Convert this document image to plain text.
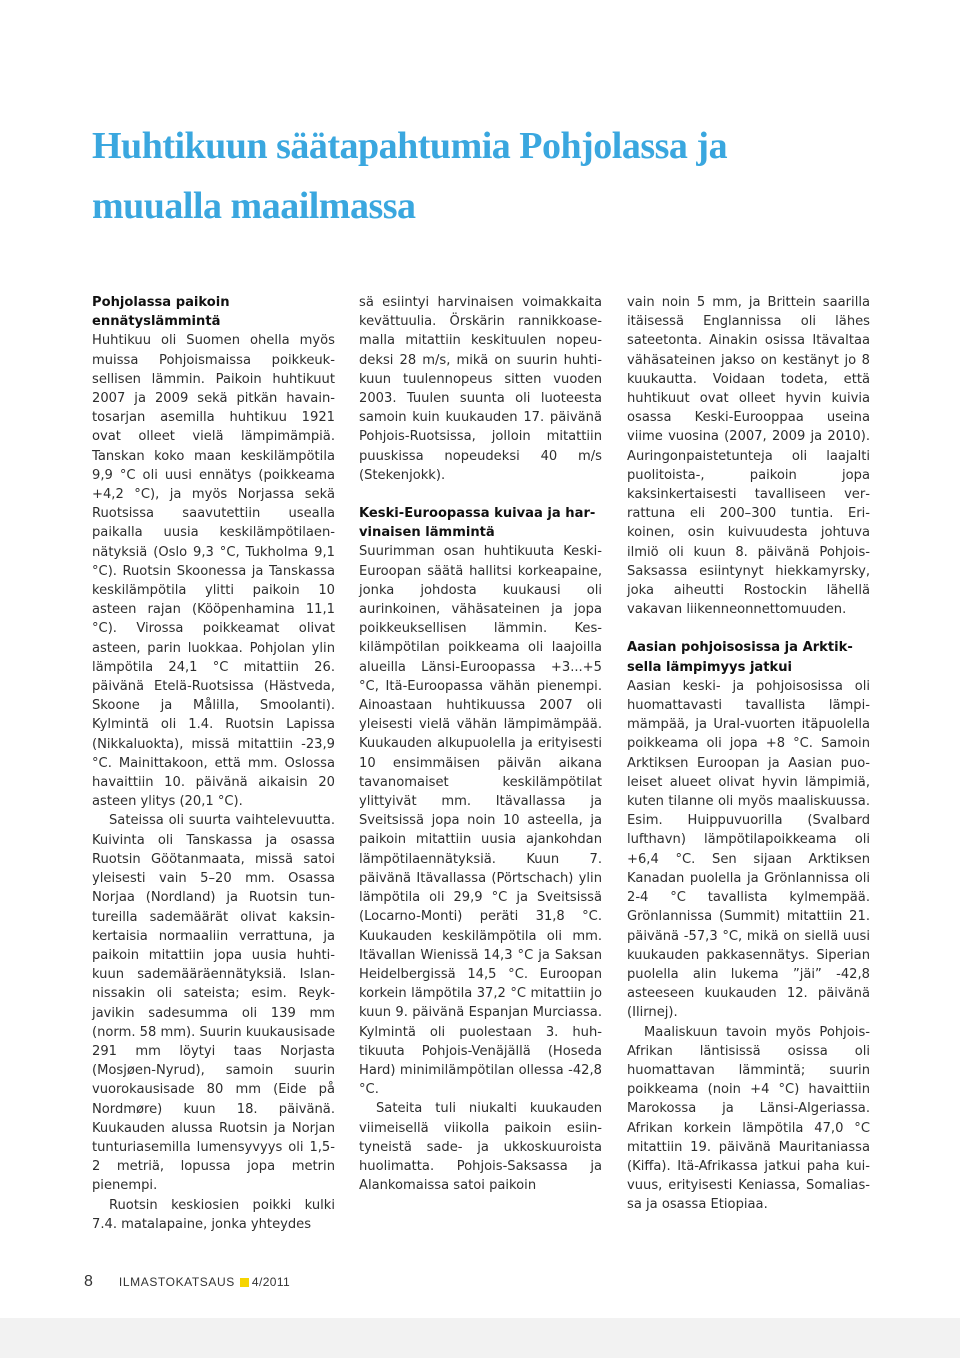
Huhtikuun säätapahtumia Pohjolassa ja muualla maailmassa
Pohjolassa paikoin ennätyslämmintä

Huhtikuu oli Suomen ohella myös muissa Pohjoismaissa poikkeuksellisen lämmin. Paikoin huhtikuut 2007 ja 2009 sekä pitkän havaintosarjan asemilla huhtikuu 1921 ovat olleet vielä lämpimämpiä. Tanskan koko maan keskilämpötila 9,9 °C oli uusi ennätys (poikkeama +4,2 °C), ja myös Norjassa sekä Ruotsissa saavutettiin usealla paikalla uusia keskilämpötilaennätyksiä (Oslo 9,3 °C, Tukholma 9,1 °C). Ruotsin Skoonessa ja Tanskassa keskilämpötila ylitti paikoin 10 asteen rajan (Kööpenhamina 11,1 °C). Virossa poikkeamat olivat asteen, parin luokkaa. Pohjolan ylin lämpötila 24,1 °C mitattiin 26. päivänä Etelä-Ruotsissa (Hästveda, Skoone ja Målilla, Smoolanti). Kylmintä oli 1.4. Ruotsin Lapissa (Nikkaluokta), missä mitattiin -23,9 °C. Mainittakoon, että mm. Oslossa havaittiin 10. päivänä aikaisin 20 asteen ylitys (20,1 °C).

Sateissa oli suurta vaihtelevuutta. Kuivinta oli Tanskassa ja osassa Ruotsin Göötanmaata, missä satoi yleisesti vain 5–20 mm. Osassa Norjaa (Nordland) ja Ruotsin tuntureilla sademäärät olivat kaksinkertaisia normaaliin verrattuna, ja paikoin mitattiin jopa uusia huhtikuun sademääräennätyksiä. Islannissakin oli sateista; esim. Reykjavikin sadesumma oli 139 mm (norm. 58 mm). Suurin kuukausisade 291 mm löytyi taas Norjasta (Mosjøen-Nyrud), samoin suurin vuorokausisade 80 mm (Eide på Nordmøre) kuun 18. päivänä. Kuukauden alussa Ruotsin ja Norjan tunturiasemilla lumensyvyys oli 1,5-2 metriä, lopussa jopa metrin pienempi.

Ruotsin keskiosien poikki kulki 7.4. matalapaine, jonka yhteydes

sä esiintyi harvinaisen voimakkaita kevättuulia. Örskärin rannikkoasemalla mitattiin keskituulen nopeudeksi 28 m/s, mikä on suurin huhtikuun tuulennopeus sitten vuoden 2003. Tuulen suunta oli luoteesta samoin kuin kuukauden 17. päivänä Pohjois-Ruotsissa, jolloin mitattiin puuskissa nopeudeksi 40 m/s (Stekenjokk).

Keski-Euroopassa kuivaa ja harvinaisen lämmintä

Suurimman osan huhtikuuta Keski-Euroopan säätä hallitsi korkeapaine, jonka johdosta kuukausi oli aurinkoinen, vähäsateinen ja jopa poikkeuksellisen lämmin. Keskilämpötilan poikkeama oli laajoilla alueilla Länsi-Euroopassa +3...+5 °C, Itä-Euroopassa vähän pienempi. Ainoastaan huhtikuussa 2007 oli yleisesti vielä vähän lämpimämpää. Kuukauden alkupuolella ja erityisesti 10 ensimmäisen päivän aikana tavanomaiset keskilämpötilat ylittyivät mm. Itävallassa ja Sveitsissä jopa noin 10 asteella, ja paikoin mitattiin uusia ajankohdan lämpötilaennätyksiä. Kuun 7. päivänä Itävallassa (Pörtschach) ylin lämpötila oli 29,9 °C ja Sveitsissä (Locarno-Monti) peräti 31,8 °C. Kuukauden keskilämpötila oli mm. Itävallan Wienissä 14,3 °C ja Saksan Heidelbergissä 14,5 °C. Euroopan korkein lämpötila 37,2 °C mitattiin jo kuun 9. päivänä Espanjan Murciassa. Kylmintä oli puolestaan 3. huhtikuuta Pohjois-Venäjällä (Hoseda Hard) minimilämpötilan ollessa -42,8 °C.

Sateita tuli niukalti kuukauden viimeisellä viikolla paikoin esiintyneistä sade- ja ukkoskuuroista huolimatta. Pohjois-Saksassa ja Alankomaissa satoi paikoin

vain noin 5 mm, ja Brittein saarilla itäisessä Englannissa oli lähes sateetonta. Ainakin osissa Itävaltaa vähäsateinen jakso on kestänyt jo 8 kuukautta. Voidaan todeta, että huhtikuut ovat olleet hyvin kuivia osassa Keski-Eurooppaa useina viime vuosina (2007, 2009 ja 2010). Auringonpaistetunteja oli laajalti puolitoista-, paikoin jopa kaksinkertaisesti tavalliseen verrattuna eli 200–300 tuntia. Erikoinen, osin kuivuudesta johtuva ilmiö oli kuun 8. päivänä Pohjois-Saksassa esiintynyt hiekkamyrsky, joka aiheutti Rostockin lähellä vakavan liikenneonnettomuuden.

Aasian pohjoisosissa ja Arktiksella lämpimyys jatkui

Aasian keski- ja pohjoisosissa oli huomattavasti tavallista lämpimämpää, ja Ural-vuorten itäpuolella poikkeama oli jopa +8 °C. Samoin Arktiksen Euroopan ja Aasian puoleiset alueet olivat hyvin lämpimiä, kuten tilanne oli myös maaliskuussa. Esim. Huippuvuorilla (Svalbard lufthavn) lämpötilapoikkeama oli +6,4 °C. Sen sijaan Arktiksen Kanadan puolella ja Grönlannissa oli 2-4 °C tavallista kylmempää. Grönlannissa (Summit) mitattiin 21. päivänä -57,3 °C, mikä on siellä uusi kuukauden pakkasennätys. Siperian puolella alin lukema ”jäi” -42,8 asteeseen kuukauden 12. päivänä (Ilirnej).

Maaliskuun tavoin myös Pohjois-Afrikan läntisissä osissa oli huomattavan lämmintä; suurin poikkeama (noin +4 °C) havaittiin Marokossa ja Länsi-Algeriassa. Afrikan korkein lämpötila 47,0 °C mitattiin 19. päivänä Mauritaniassa (Kiffa). Itä-Afrikassa jatkui paha kuivuus, erityisesti Keniassa, Somaliassa ja osassa Etiopiaa.

8 ILMASTOKATSAUS 4/2011
